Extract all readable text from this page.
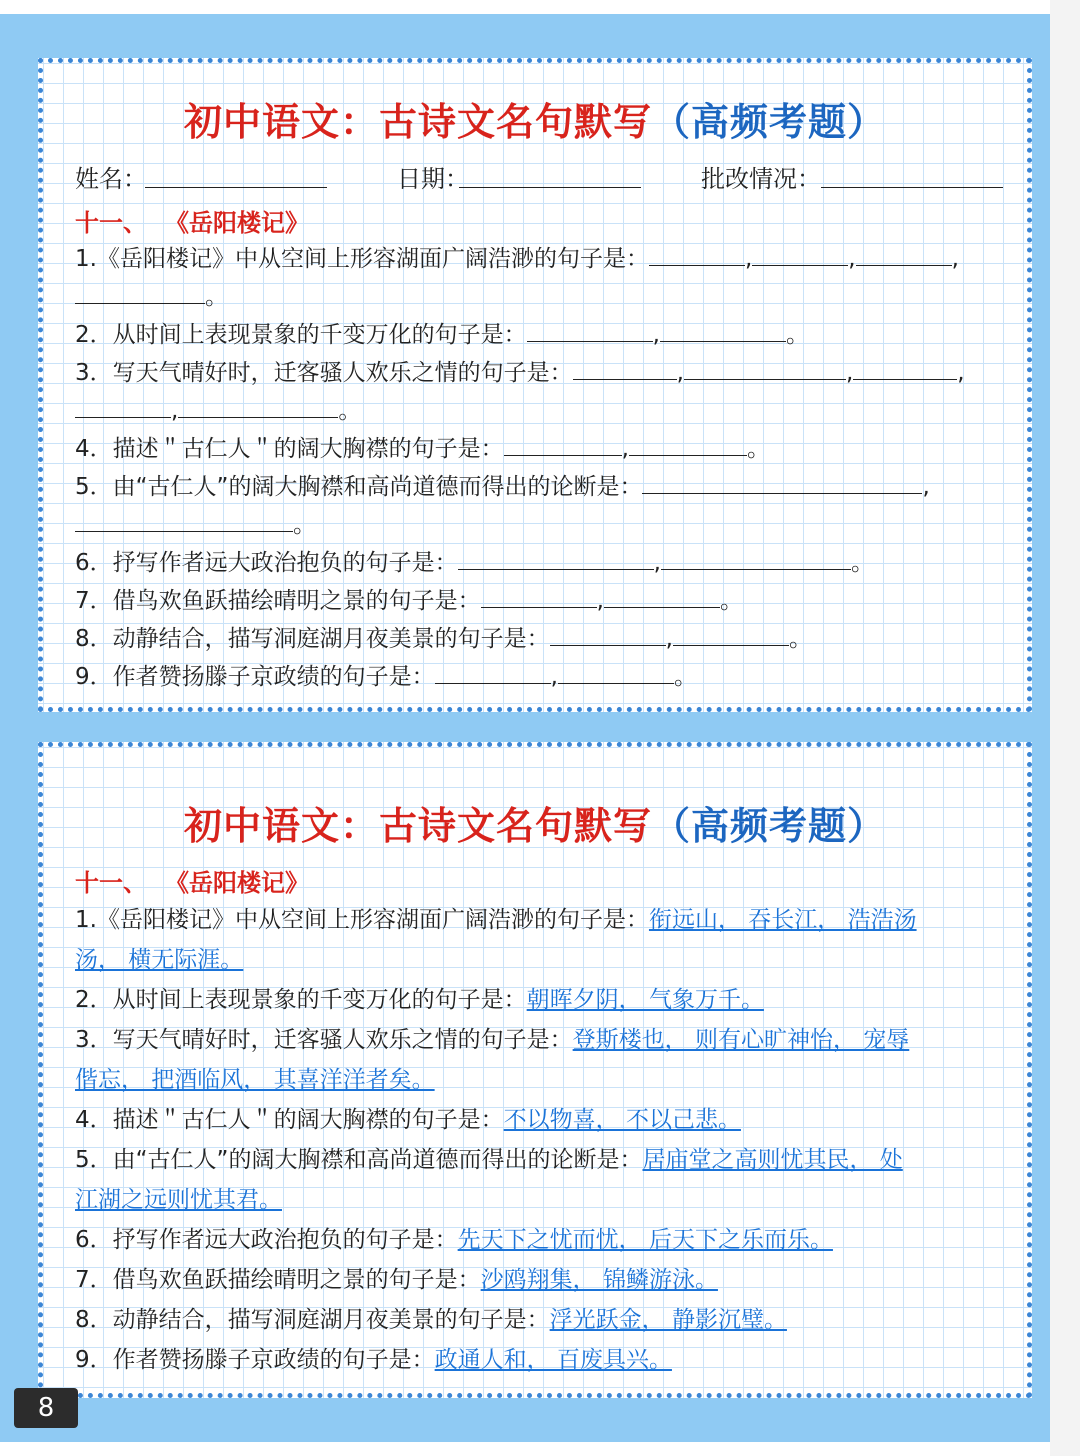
初中语文：古诗文名句默写（高频考题）
姓名：	日期：	批改情况：
十一、 《岳阳楼记》
1.《岳阳楼记》中从空间上形容湖面广阔浩渺的句子是：	,	,	,
。
2．从时间上表现景象的千变万化的句子是：	,	。
3．写天气晴好时，迁客骚人欢乐之情的句子是：	,	,	,
,	。
4．描述＂古仁人＂的阔大胸襟的句子是：	,	。
5．由“古仁人”的阔大胸襟和高尚道德而得出的论断是：	,
。
6．抒写作者远大政治抱负的句子是：	,	。
7．借鸟欢鱼跃描绘晴明之景的句子是：	,	。
8．动静结合，描写洞庭湖月夜美景的句子是：	,	。
9．作者赞扬滕子京政绩的句子是：	,	。
初中语文：古诗文名句默写（高频考题）
十一、 《岳阳楼记》
1.《岳阳楼记》中从空间上形容湖面广阔浩渺的句子是：衔远山， 吞长江， 浩浩汤
汤， 横无际涯。
2．从时间上表现景象的千变万化的句子是：朝晖夕阴， 气象万千。
3．写天气晴好时，迁客骚人欢乐之情的句子是：登斯楼也， 则有心旷神怡， 宠辱
偕忘， 把酒临风， 其喜洋洋者矣。
4．描述＂古仁人＂的阔大胸襟的句子是：不以物喜， 不以己悲。
5．由“古仁人”的阔大胸襟和高尚道德而得出的论断是：居庙堂之高则忧其民， 处
江湖之远则忧其君。
6．抒写作者远大政治抱负的句子是：先天下之忧而忧， 后天下之乐而乐。
7．借鸟欢鱼跃描绘晴明之景的句子是：沙鸥翔集， 锦鳞游泳。
8．动静结合，描写洞庭湖月夜美景的句子是：浮光跃金， 静影沉璧。
9．作者赞扬滕子京政绩的句子是：政通人和， 百废具兴。
8
